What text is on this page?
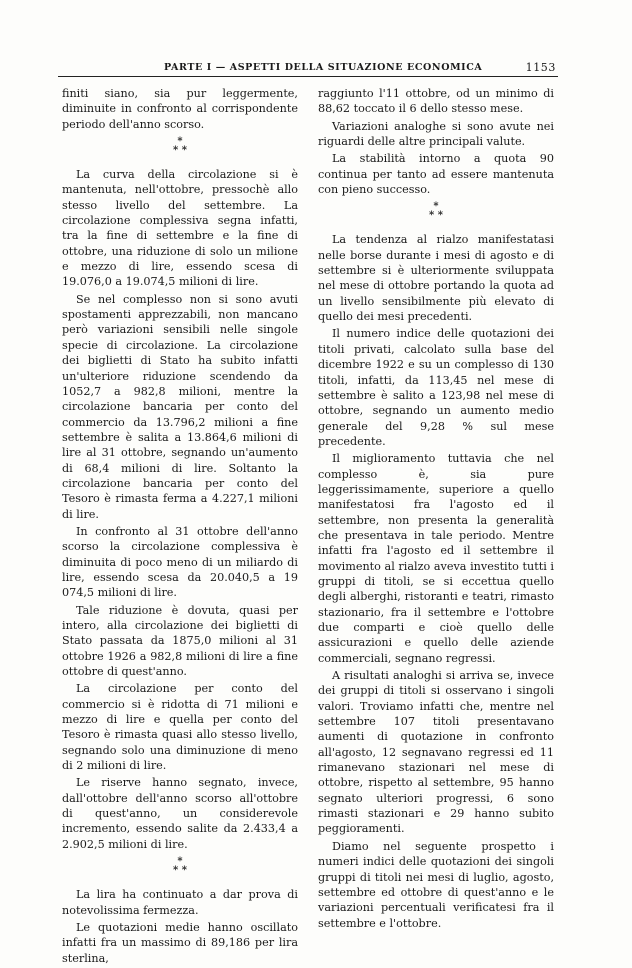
PARTE I — ASPETTI DELLA SITUAZIONE ECONOMICA	1153

finiti siano, sia pur leggermente, diminuite in confronto al corrispondente periodo dell'anno scorso.

*
* *

La curva della circolazione si è mantenuta, nell'ottobre, pressochè allo stesso livello del settembre. La circolazione complessiva segna infatti, tra la fine di settembre e la fine di ottobre, una riduzione di solo un milione e mezzo di lire, essendo scesa di 19.076,0 a 19.074,5 milioni di lire.

Se nel complesso non si sono avuti spostamenti apprezzabili, non mancano però variazioni sensibili nelle singole specie di circolazione. La circolazione dei biglietti di Stato ha subito infatti un'ulteriore riduzione scendendo da 1052,7 a 982,8 milioni, mentre la circolazione bancaria per conto del commercio da 13.796,2 milioni a fine settembre è salita a 13.864,6 milioni di lire al 31 ottobre, segnando un'aumento di 68,4 milioni di lire. Soltanto la circolazione bancaria per conto del Tesoro è rimasta ferma a 4.227,1 milioni di lire.

In confronto al 31 ottobre dell'anno scorso la circolazione complessiva è diminuita di poco meno di un miliardo di lire, essendo scesa da 20.040,5 a 19 074,5 milioni di lire.

Tale riduzione è dovuta, quasi per intero, alla circolazione dei biglietti di Stato passata da 1875,0 milioni al 31 ottobre 1926 a 982,8 milioni di lire a fine ottobre di quest'anno.

La circolazione per conto del commercio si è ridotta di 71 milioni e mezzo di lire e quella per conto del Tesoro è rimasta quasi allo stesso livello, segnando solo una diminuzione di meno di 2 milioni di lire.

Le riserve hanno segnato, invece, dall'ottobre dell'anno scorso all'ottobre di quest'anno, un considerevole incremento, essendo salite da 2.433,4 a 2.902,5 milioni di lire.

*
* *

La lira ha continuato a dar prova di notevolissima fermezza.

Le quotazioni medie hanno oscillato infatti fra un massimo di 89,186 per lira sterlina,

raggiunto l'11 ottobre, od un minimo di 88,62 toccato il 6 dello stesso mese.

Variazioni analoghe si sono avute nei riguardi delle altre principali valute.

La stabilità intorno a quota 90 continua per tanto ad essere mantenuta con pieno successo.

*
* *

La tendenza al rialzo manifestatasi nelle borse durante i mesi di agosto e di settembre si è ulteriormente sviluppata nel mese di ottobre portando la quota ad un livello sensibilmente più elevato di quello dei mesi precedenti.

Il numero indice delle quotazioni dei titoli privati, calcolato sulla base del dicembre 1922 e su un complesso di 130 titoli, infatti, da 113,45 nel mese di settembre è salito a 123,98 nel mese di ottobre, segnando un aumento medio generale del 9,28 % sul mese precedente.

Il miglioramento tuttavia che nel complesso è, sia pure leggerissimamente, superiore a quello manifestatosi fra l'agosto ed il settembre, non presenta la generalità che presentava in tale periodo. Mentre infatti fra l'agosto ed il settembre il movimento al rialzo aveva investito tutti i gruppi di titoli, se si eccettua quello degli alberghi, ristoranti e teatri, rimasto stazionario, fra il settembre e l'ottobre due comparti e cioè quello delle assicurazioni e quello delle aziende commerciali, segnano regressi.

A risultati analoghi si arriva se, invece dei gruppi di titoli si osservano i singoli valori. Troviamo infatti che, mentre nel settembre 107 titoli presentavano aumenti di quotazione in confronto all'agosto, 12 segnavano regressi ed 11 rimanevano stazionari nel mese di ottobre, rispetto al settembre, 95 hanno segnato ulteriori progressi, 6 sono rimasti stazionari e 29 hanno subito peggioramenti.

Diamo nel seguente prospetto i numeri indici delle quotazioni dei singoli gruppi di titoli nei mesi di luglio, agosto, settembre ed ottobre di quest'anno e le variazioni percentuali verificatesi fra il settembre e l'ottobre.
